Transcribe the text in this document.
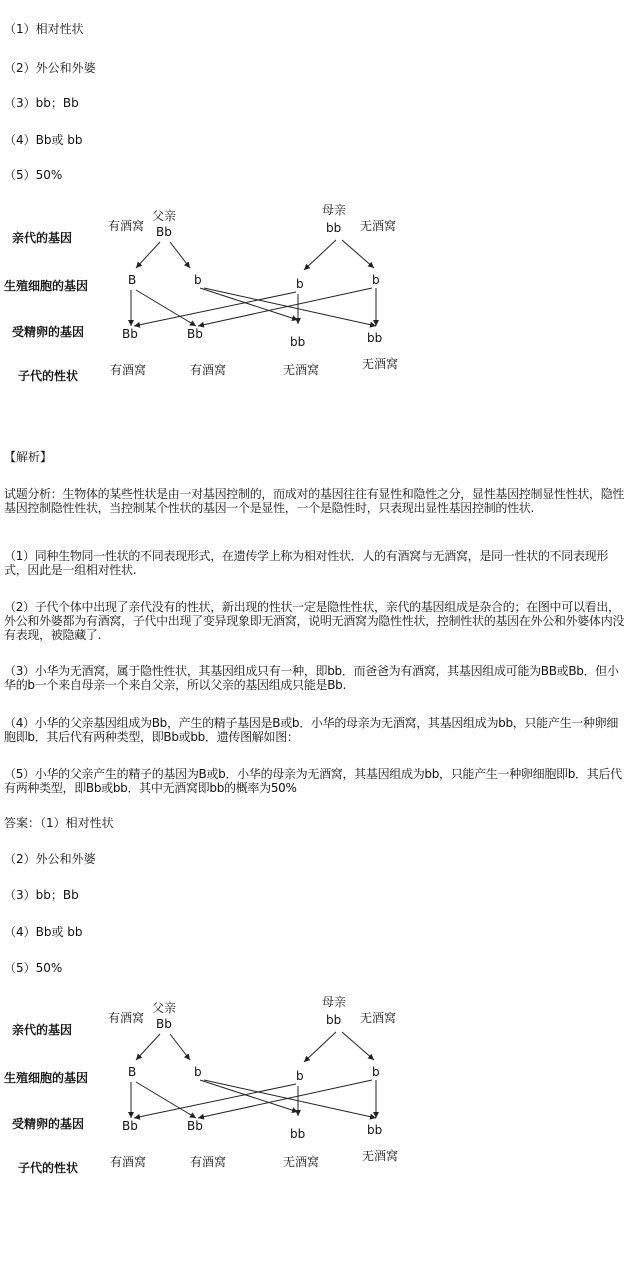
（1）相对性状
（2）外公和外婆
（3）bb；Bb
（4）Bb或 bb
（5）50%
亲代的基因
生殖细胞的基因
受精卵的基因
子代的性状
有酒窝
父亲
Bb
母亲
无酒窝
bb
B	b	b	b
Bb	Bb
bb	bb
有酒窝	有酒窝	无酒窝	无酒窝
【解析】
试题分析：生物体的某些性状是由一对基因控制的，而成对的基因往往有显性和隐性之分，显性基因控制显性性状，隐性基因控制隐性性状，当控制某个性状的基因一个是显性，一个是隐性时，只表现出显性基因控制的性状.
（1）同种生物同一性状的不同表现形式，在遗传学上称为相对性状．人的有酒窝与无酒窝，是同一性状的不同表现形式，因此是一组相对性状.
（2）子代个体中出现了亲代没有的性状，新出现的性状一定是隐性性状，亲代的基因组成是杂合的；在图中可以看出，外公和外婆都为有酒窝，子代中出现了变异现象即无酒窝，说明无酒窝为隐性性状，控制性状的基因在外公和外婆体内没有表现，被隐藏了.
（3）小华为无酒窝，属于隐性性状，其基因组成只有一种，即bb．而爸爸为有酒窝，其基因组成可能为BB或Bb．但小华的b一个来自母亲一个来自父亲，所以父亲的基因组成只能是Bb.
（4）小华的父亲基因组成为Bb，产生的精子基因是B或b．小华的母亲为无酒窝，其基因组成为bb，只能产生一种卵细胞即b．其后代有两种类型，即Bb或bb．遗传图解如图：
（5）小华的父亲产生的精子的基因为B或b．小华的母亲为无酒窝，其基因组成为bb，只能产生一种卵细胞即b．其后代有两种类型，即Bb或bb．其中无酒窝即bb的概率为50%
答案：（1）相对性状
（2）外公和外婆
（3）bb；Bb
（4）Bb或 bb
（5）50%
亲代的基因
生殖细胞的基因
受精卵的基因
子代的性状
有酒窝
父亲
Bb
母亲
无酒窝
bb
B	b	b	b
Bb	Bb
bb	bb
有酒窝	有酒窝	无酒窝	无酒窝
